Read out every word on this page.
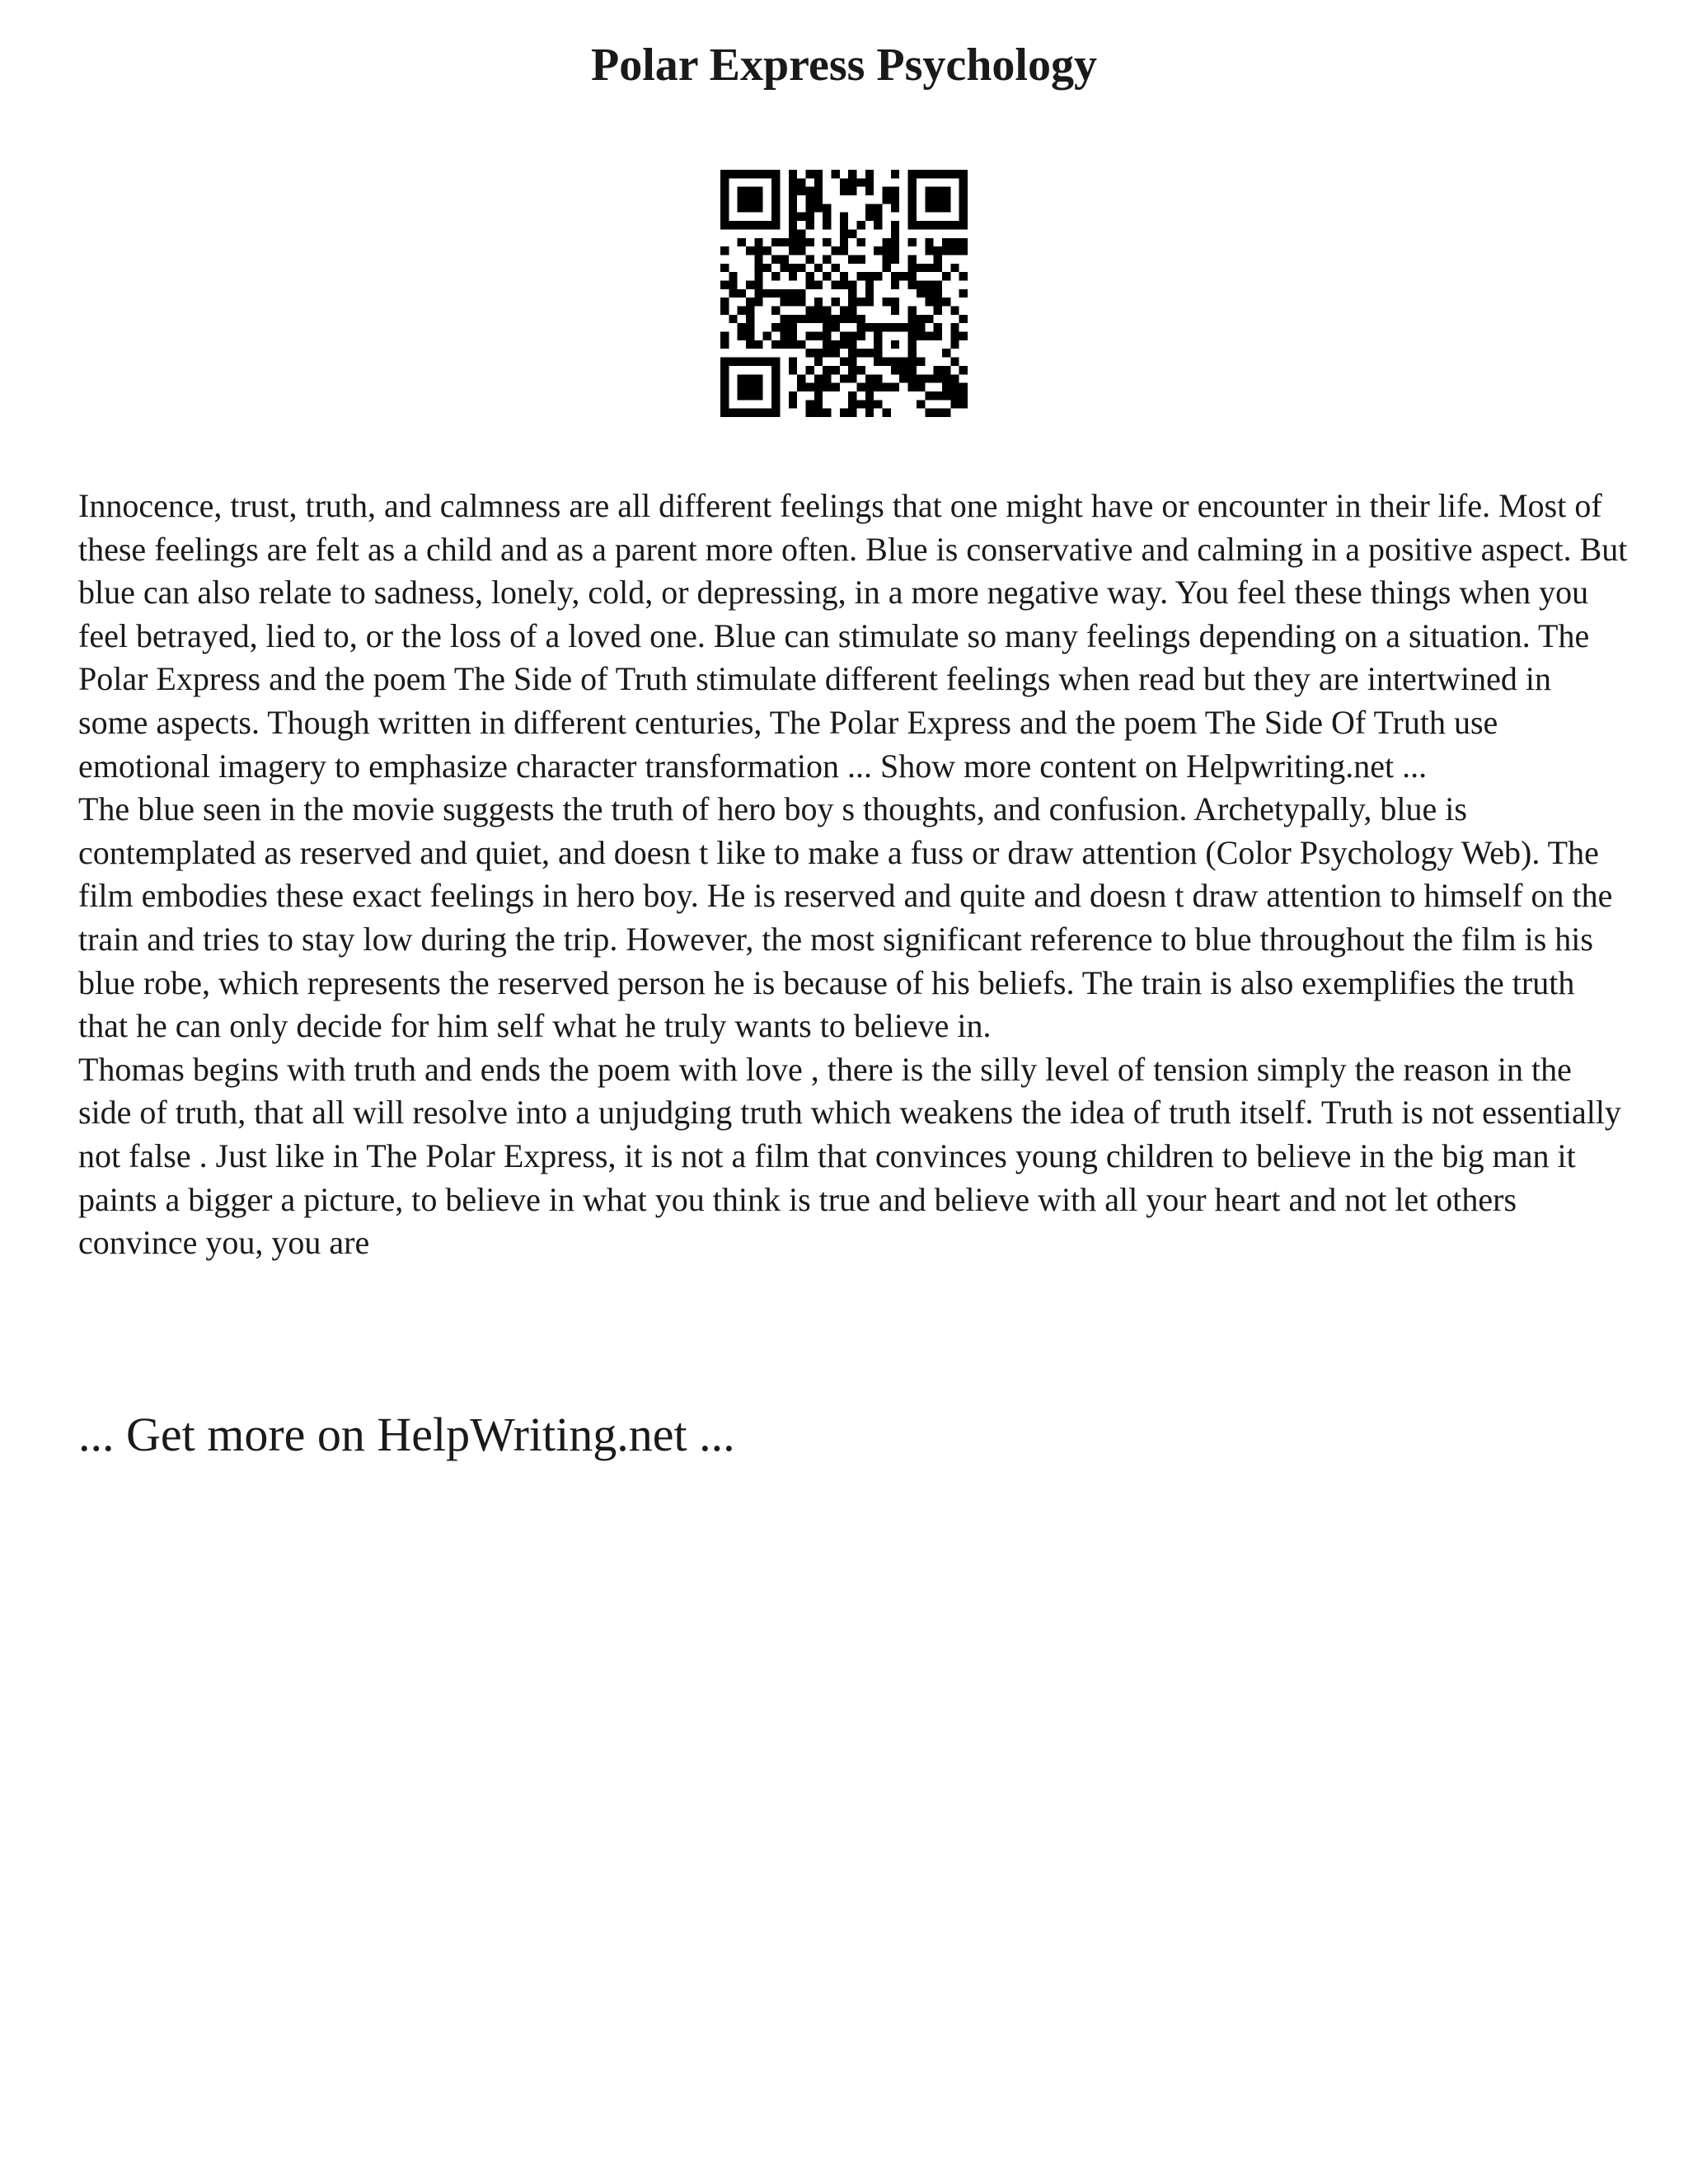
Polar Express Psychology

Innocence, trust, truth, and calmness are all different feelings that one might have or encounter in their life. Most of these feelings are felt as a child and as a parent more often. Blue is conservative and calming in a positive aspect. But blue can also relate to sadness, lonely, cold, or depressing, in a more negative way. You feel these things when you feel betrayed, lied to, or the loss of a loved one. Blue can stimulate so many feelings depending on a situation. The Polar Express and the poem The Side of Truth stimulate different feelings when read but they are intertwined in some aspects. Though written in different centuries, The Polar Express and the poem The Side Of Truth use emotional imagery to emphasize character transformation ... Show more content on Helpwriting.net ...

The blue seen in the movie suggests the truth of hero boy s thoughts, and confusion. Archetypally, blue is contemplated as reserved and quiet, and doesn t like to make a fuss or draw attention (Color Psychology Web). The film embodies these exact feelings in hero boy. He is reserved and quite and doesn t draw attention to himself on the train and tries to stay low during the trip. However, the most significant reference to blue throughout the film is his blue robe, which represents the reserved person he is because of his beliefs. The train is also exemplifies the truth that he can only decide for him self what he truly wants to believe in.

Thomas begins with truth and ends the poem with love , there is the silly level of tension simply the reason in the side of truth, that all will resolve into a unjudging truth which weakens the idea of truth itself. Truth is not essentially not false . Just like in The Polar Express, it is not a film that convinces young children to believe in the big man it paints a bigger a picture, to believe in what you think is true and believe with all your heart and not let others convince you, you are

... Get more on HelpWriting.net ...
